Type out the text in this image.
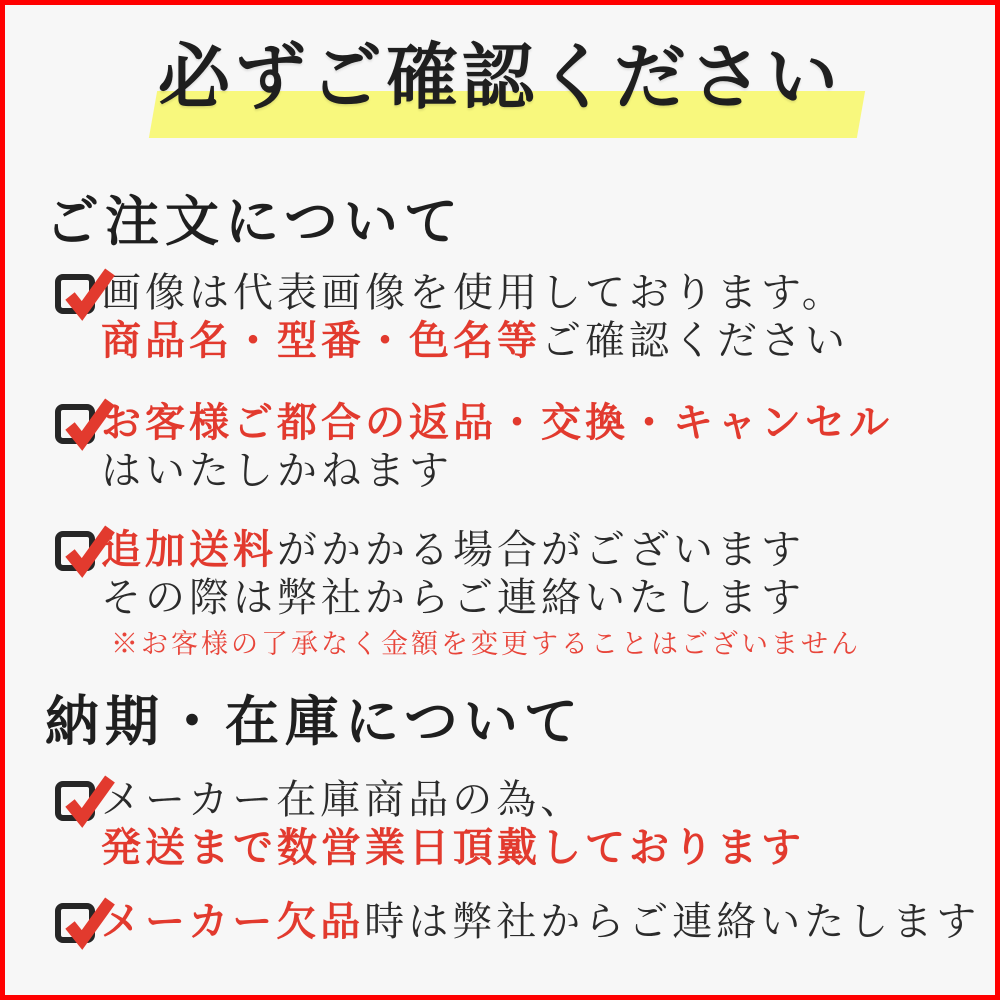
必ずご確認ください
ご注文について

画像は代表画像を使用しております。
商品名・型番・色名等ご確認ください

お客様ご都合の返品・交換・キャンセル
はいたしかねます

追加送料がかかる場合がございます
その際は弊社からご連絡いたします
※お客様の了承なく金額を変更することはございません

納期・在庫について

メーカー在庫商品の為、
発送まで数営業日頂戴しております

メーカー欠品時は弊社からご連絡いたします
